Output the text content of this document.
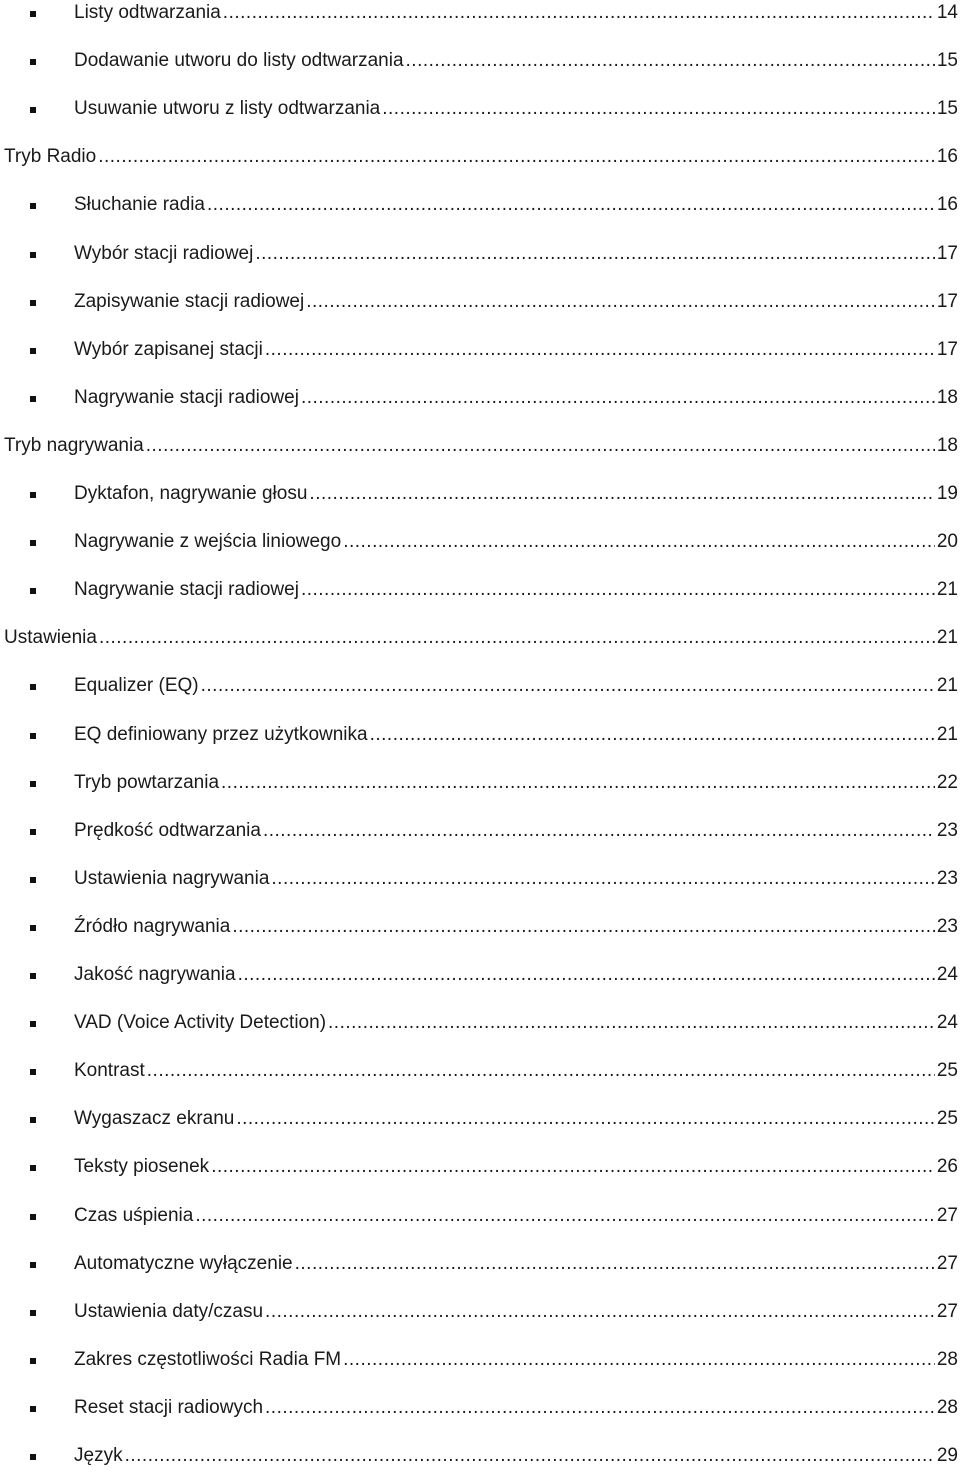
Listy odtwarzania .....	14
Dodawanie utworu do listy odtwarzania .....	15
Usuwanie utworu z listy odtwarzania .....	15
Tryb Radio .....	16
Słuchanie radia .....	16
Wybór stacji radiowej .....	17
Zapisywanie stacji radiowej .....	17
Wybór zapisanej stacji .....	17
Nagrywanie stacji radiowej .....	18
Tryb nagrywania .....	18
Dyktafon, nagrywanie głosu .....	19
Nagrywanie z wejścia liniowego .....	20
Nagrywanie stacji radiowej .....	21
Ustawienia .....	21
Equalizer (EQ) .....	21
EQ definiowany przez użytkownika .....	21
Tryb powtarzania .....	22
Prędkość odtwarzania .....	23
Ustawienia nagrywania .....	23
Źródło nagrywania .....	23
Jakość nagrywania .....	24
VAD (Voice Activity Detection) .....	24
Kontrast .....	25
Wygaszacz ekranu .....	25
Teksty piosenek .....	26
Czas uśpienia .....	27
Automatyczne wyłączenie .....	27
Ustawienia daty/czasu .....	27
Zakres częstotliwości Radia FM .....	28
Reset stacji radiowych .....	28
Język .....	29
